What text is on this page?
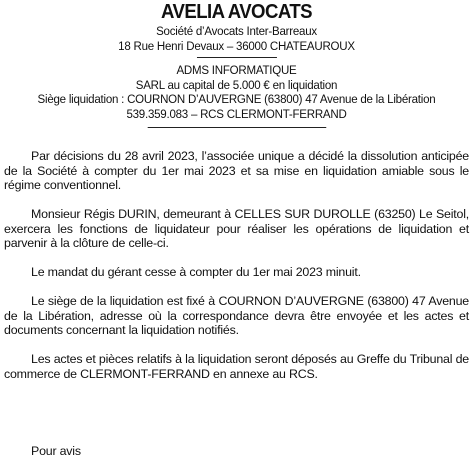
AVELIA AVOCATS
Société d’Avocats Inter-Barreaux
18 Rue Henri Devaux – 36000 CHATEAUROUX
ADMS INFORMATIQUE
SARL au capital de 5.000 € en liquidation
Siège liquidation : COURNON D’AUVERGNE (63800) 47 Avenue de la Libération
539.359.083 – RCS CLERMONT-FERRAND

Par décisions du 28 avril 2023, l’associée unique a décidé la dissolution anticipée de la Société à compter du 1er mai 2023 et sa mise en liquidation amiable sous le régime conventionnel.

Monsieur Régis DURIN, demeurant à CELLES SUR DUROLLE (63250) Le Seitol, exercera les fonctions de liquidateur pour réaliser les opérations de liquidation et parvenir à la clôture de celle-ci.

Le mandat du gérant cesse à compter du 1er mai 2023 minuit.

Le siège de la liquidation est fixé à COURNON D’AUVERGNE (63800) 47 Avenue de la Libération, adresse où la correspondance devra être envoyée et les actes et documents concernant la liquidation notifiés.

Les actes et pièces relatifs à la liquidation seront déposés au Greffe du Tribunal de commerce de CLERMONT-FERRAND en annexe au RCS.

Pour avis
